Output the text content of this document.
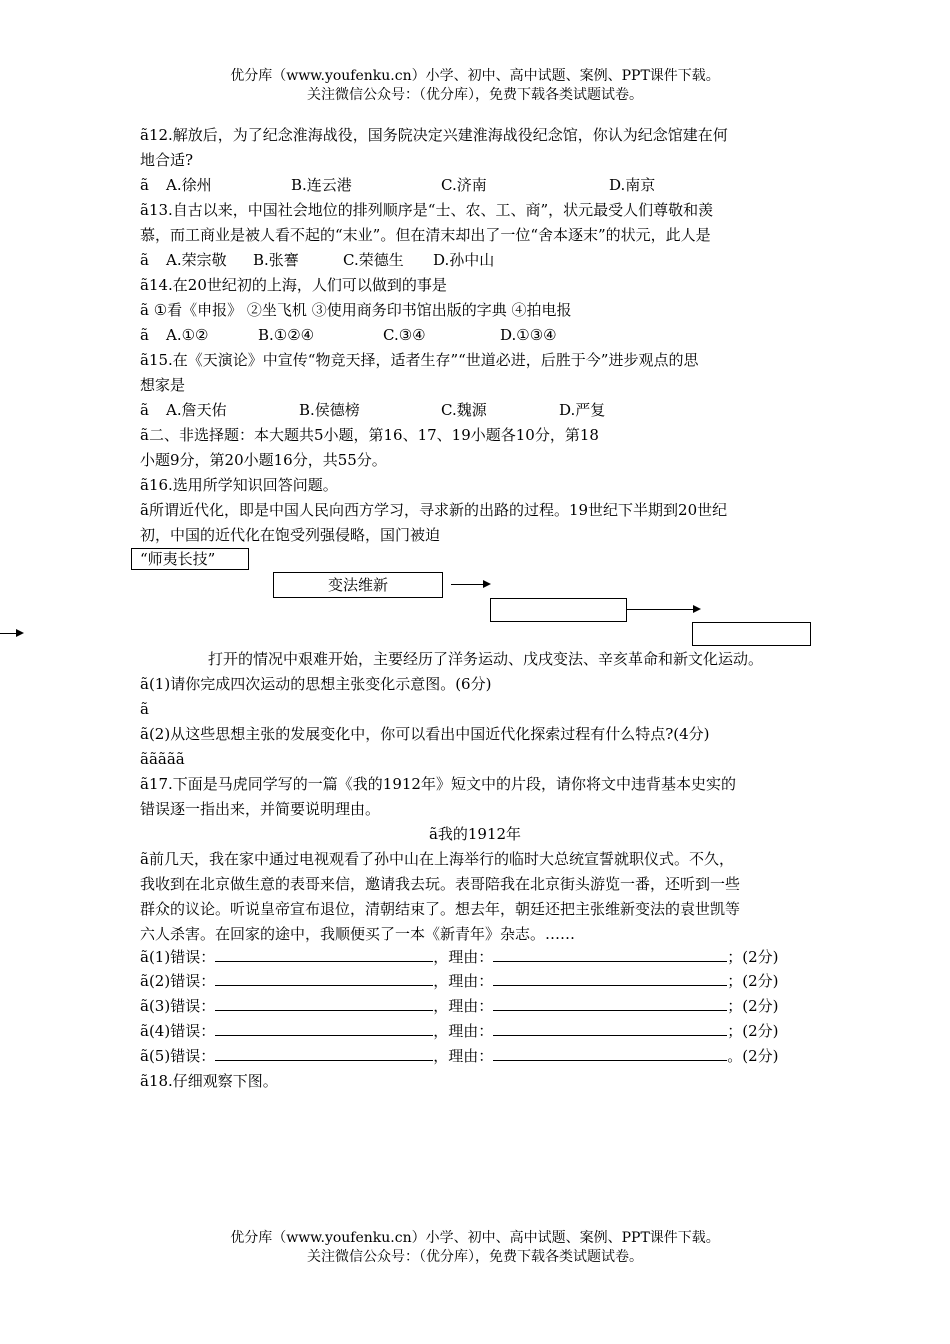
优分库（www.youfenku.cn）小学、初中、高中试题、案例、PPT课件下载。
关注微信公众号：（优分库），免费下载各类试题试卷。
ã12.解放后，为了纪念淮海战役，国务院决定兴建淮海战役纪念馆，你认为纪念馆建在何
地合适?
ã A.徐州	B.连云港	C.济南	D.南京
ã13.自古以来，中国社会地位的排列顺序是“士、农、工、商”，状元最受人们尊敬和羡
慕，而工商业是被人看不起的“末业”。但在清末却出了一位“舍本逐末”的状元，此人是
ã A.荣宗敬 B.张謇	C.荣德生 D.孙中山
ã14.在20世纪初的上海，人们可以做到的事是
ã ①看《申报》 ②坐飞机 ③使用商务印书馆出版的字典 ④拍电报
ã A.①②	B.①②④	C.③④	D.①③④
ã15.在《天演论》中宣传“物竞天择，适者生存”“世道必进，后胜于今”进步观点的思
想家是
ã A.詹天佑	B.侯德榜	C.魏源	D.严复
ã二、非选择题：本大题共5小题，第16、17、19小题各10分，第18
小题9分，第20小题16分，共55分。
ã16.选用所学知识回答问题。
ã所谓近代化，即是中国人民向西方学习，寻求新的出路的过程。19世纪下半期到20世纪
初，中国的近代化在饱受列强侵略，国门被迫
“师夷长技”
变法维新
打开的情况中艰难开始，主要经历了洋务运动、戊戌变法、辛亥革命和新文化运动。
ã(1)请你完成四次运动的思想主张变化示意图。(6分)
ã
ã(2)从这些思想主张的发展变化中，你可以看出中国近代化探索过程有什么特点?(4分)
ããããã
ã17.下面是马虎同学写的一篇《我的1912年》短文中的片段，请你将文中违背基本史实的
错误逐一指出来，并简要说明理由。
ã我的1912年
ã前几天，我在家中通过电视观看了孙中山在上海举行的临时大总统宣誓就职仪式。不久，
我收到在北京做生意的表哥来信，邀请我去玩。表哥陪我在北京街头游览一番，还听到一些
群众的议论。听说皇帝宣布退位，清朝结束了。想去年，朝廷还把主张维新变法的袁世凯等
六人杀害。在回家的途中，我顺便买了一本《新青年》杂志。……
ã(1)错误：	，理由：	；(2分)
ã(2)错误：	，理由：	；(2分)
ã(3)错误：	，理由：	；(2分)
ã(4)错误：	，理由：	；(2分)
ã(5)错误：	，理由：	。(2分)
ã18.仔细观察下图。
优分库（www.youfenku.cn）小学、初中、高中试题、案例、PPT课件下载。
关注微信公众号：（优分库），免费下载各类试题试卷。
